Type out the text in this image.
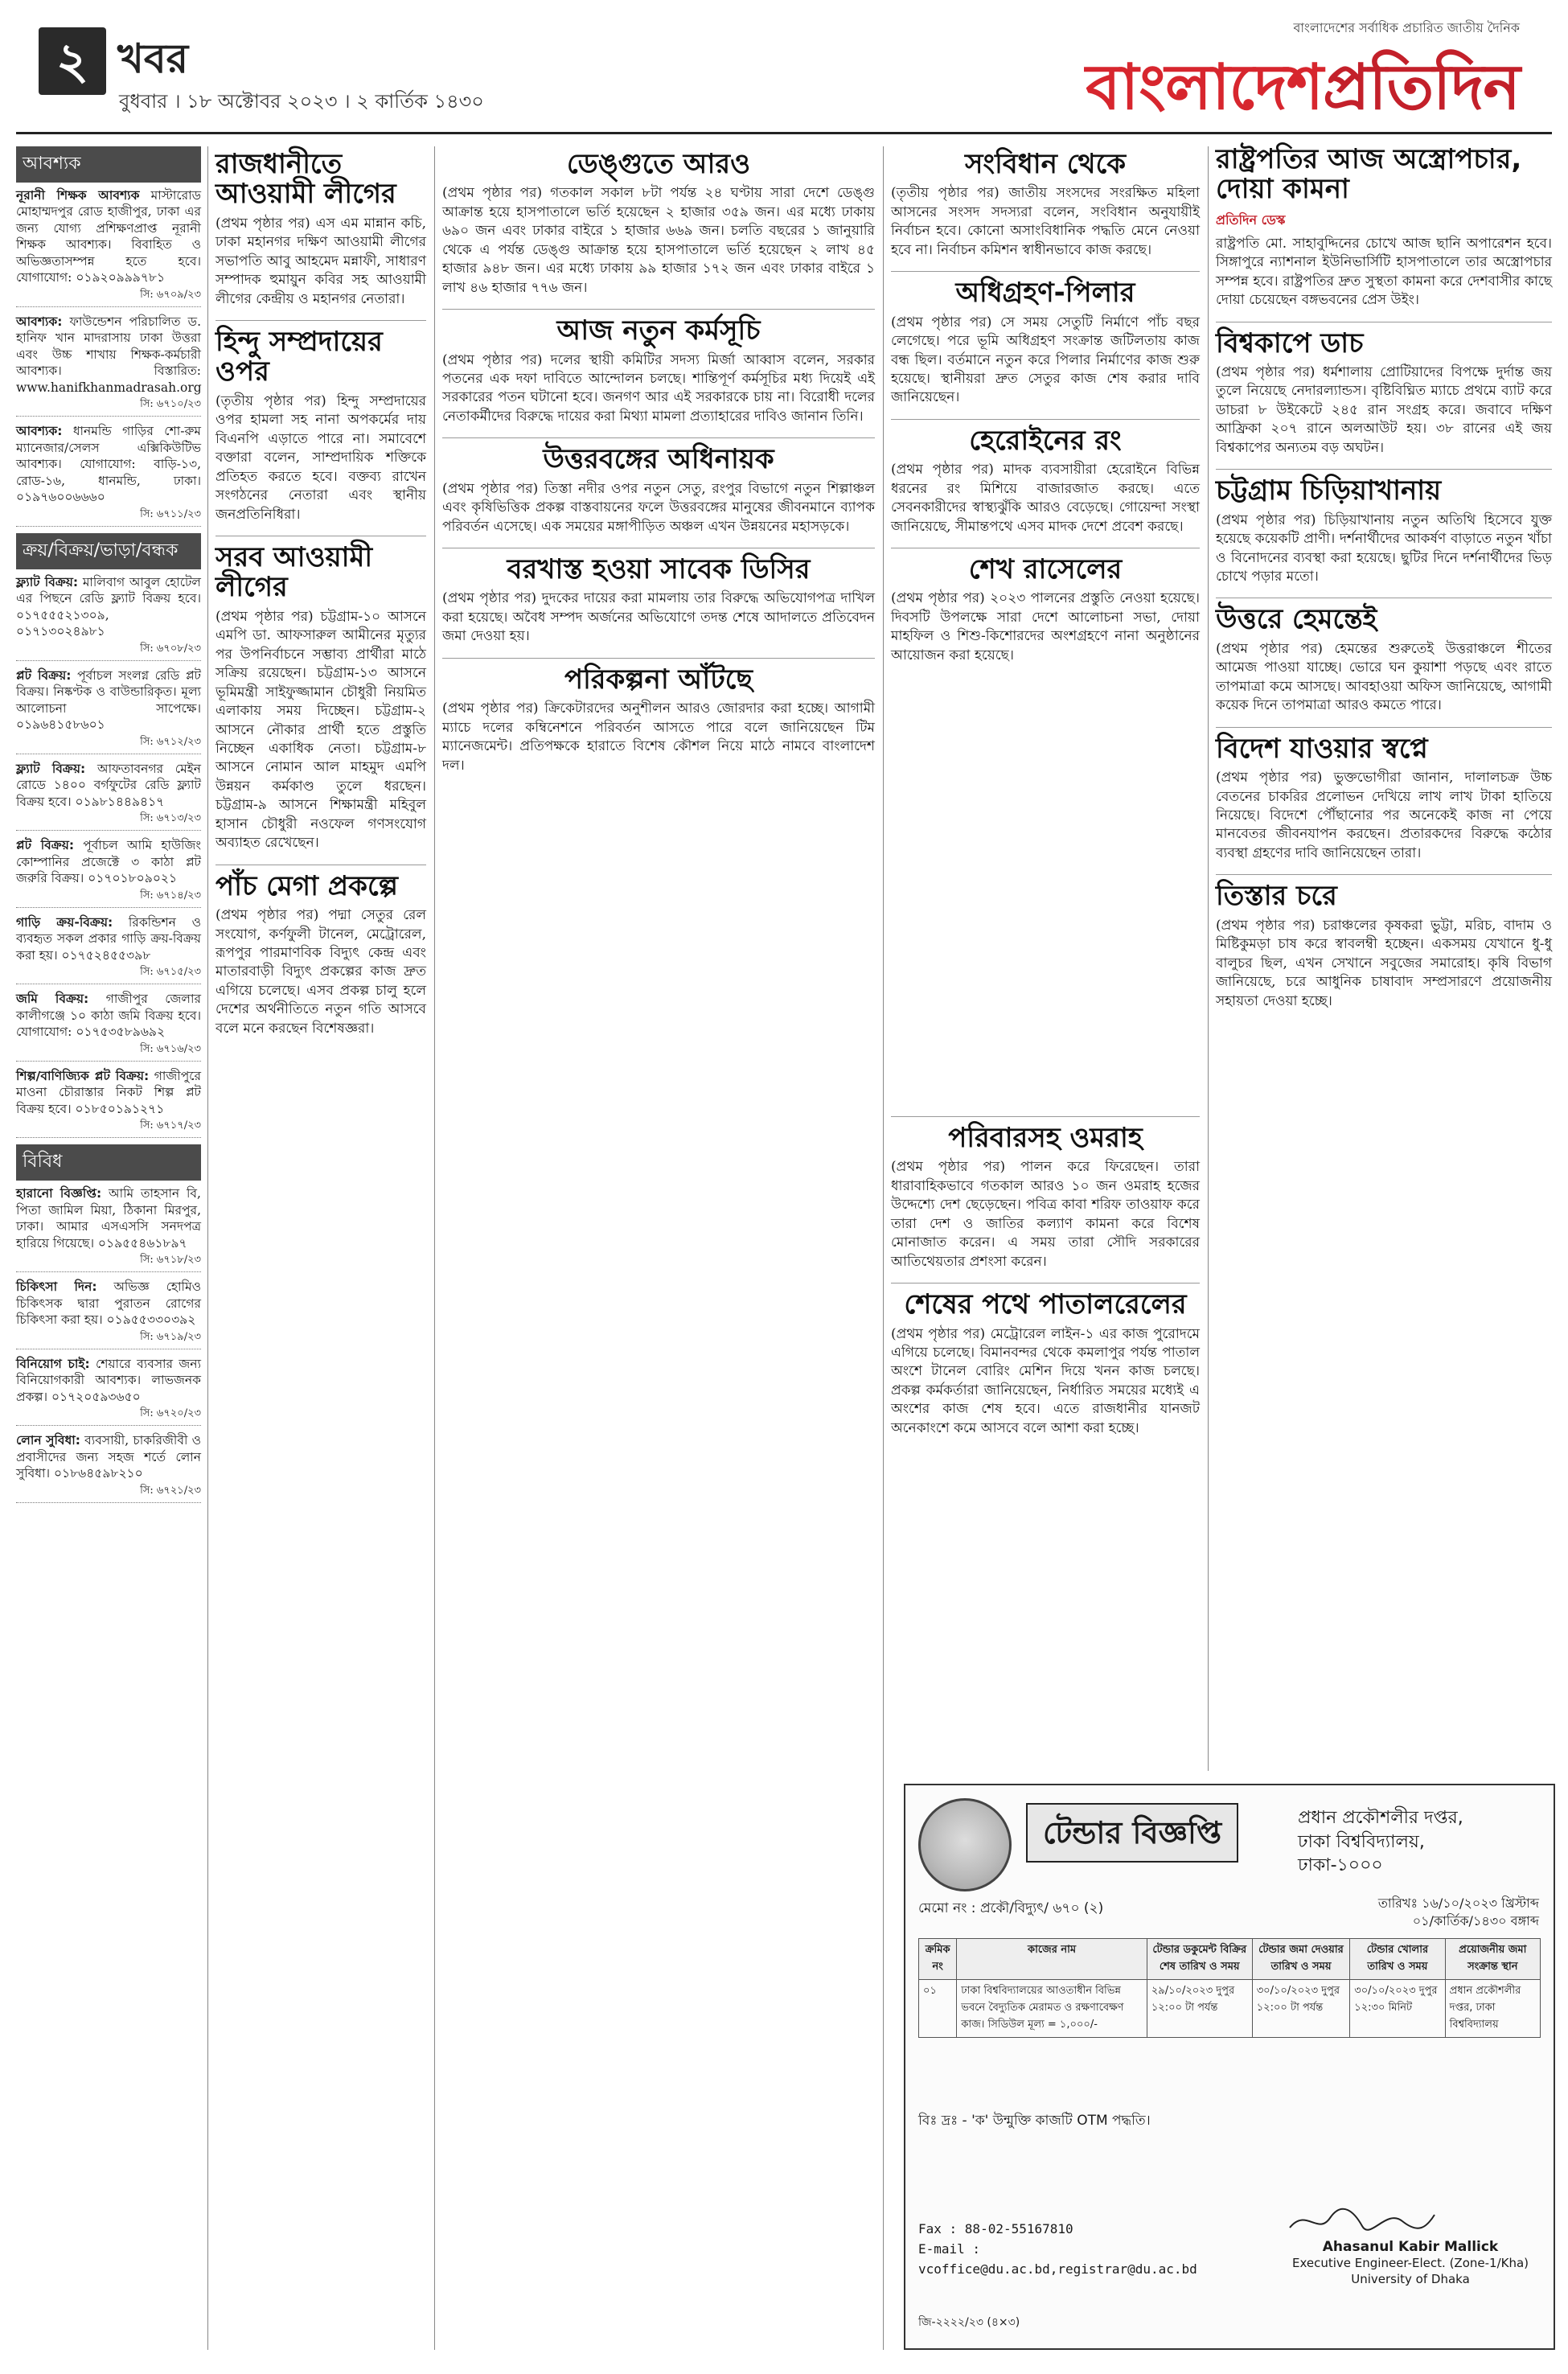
২ খবর
বুধবার । ১৮ অক্টোবর ২০২৩ । ২ কার্তিক ১৪৩০
বাংলাদেশের সর্বাধিক প্রচারিত জাতীয় দৈনিক
বাংলাদেশপ্রতিদিন
আবশ্যক
নূরানী শিক্ষক আবশ্যক মাস্টারোড মোহাম্মদপুর রোড হাজীপুর, ঢাকা এর জন্য যোগ্য প্রশিক্ষণপ্রাপ্ত নূরানী শিক্ষক আবশ্যক। বিবাহিত ও অভিজ্ঞতাসম্পন্ন হতে হবে। যোগাযোগ: ০১৯২০৯৯৯৭৮১
সি: ৬৭০৯/২৩
আবশ্যক: ফাউন্ডেশন পরিচালিত ড. হানিফ খান মাদরাসায় ঢাকা উত্তরা এবং উচ্চ শাখায় শিক্ষক-কর্মচারী আবশ্যক। বিস্তারিত: www.hanifkhanmadrasah.org
সি: ৬৭১০/২৩
আবশ্যক: ধানমন্ডি গাড়ির শো-রুম ম্যানেজার/সেলস এক্সিকিউটিভ আবশ্যক। যোগাযোগ: বাড়ি-১৩, রোড-১৬, ধানমন্ডি, ঢাকা। ০১৯৭৬০০৬৬৬০
সি: ৬৭১১/২৩
ক্রয়/বিক্রয়/ভাড়া/বন্ধক
ফ্ল্যাট বিক্রয়: মালিবাগ আবুল হোটেল এর পিছনে রেডি ফ্ল্যাট বিক্রয় হবে। ০১৭৫৫৫২১৩০৯, ০১৭১৩০২৪৯৮১
সি: ৬৭০৮/২৩
প্লট বিক্রয়: পূর্বাচল সংলগ্ন রেডি প্লট বিক্রয়। নিষ্কণ্টক ও বাউন্ডারিকৃত। মূল্য আলোচনা সাপেক্ষে। ০১৯৬৪১৫৮৬০১
সি: ৬৭১২/২৩
ফ্ল্যাট বিক্রয়: আফতাবনগর মেইন রোডে ১৪০০ বর্গফুটের রেডি ফ্ল্যাট বিক্রয় হবে। ০১৯৮১৪৪৯৪১৭
সি: ৬৭১৩/২৩
প্লট বিক্রয়: পূর্বাচল আমি হাউজিং কোম্পানির প্রজেক্টে ৩ কাঠা প্লট জরুরি বিক্রয়। ০১৭০১৮০৯০২১
সি: ৬৭১৪/২৩
গাড়ি ক্রয়-বিক্রয়: রিকন্ডিশন ও ব্যবহৃত সকল প্রকার গাড়ি ক্রয়-বিক্রয় করা হয়। ০১৭৫২৪৫৫৩৯৮
সি: ৬৭১৫/২৩
জমি বিক্রয়: গাজীপুর জেলার কালীগঞ্জে ১০ কাঠা জমি বিক্রয় হবে। যোগাযোগ: ০১৭৫৩৫৮৯৬৯২
সি: ৬৭১৬/২৩
শিল্প/বাণিজ্যিক প্লট বিক্রয়: গাজীপুরে মাওনা চৌরাস্তার নিকট শিল্প প্লট বিক্রয় হবে। ০১৮৫০১৯১২৭১
সি: ৬৭১৭/২৩
বিবিধ
হারানো বিজ্ঞপ্তি: আমি তাহসান বি, পিতা জামিল মিয়া, ঠিকানা মিরপুর, ঢাকা। আমার এসএসসি সনদপত্র হারিয়ে গিয়েছে। ০১৯৫৫৪৬১৮৯৭
সি: ৬৭১৮/২৩
চিকিৎসা দিন: অভিজ্ঞ হোমিও চিকিৎসক দ্বারা পুরাতন রোগের চিকিৎসা করা হয়। ০১৯৫৫৩৩০৩৯২
সি: ৬৭১৯/২৩
বিনিয়োগ চাই: শেয়ারে ব্যবসার জন্য বিনিয়োগকারী আবশ্যক। লাভজনক প্রকল্প। ০১৭২০৫৯৩৬৫০
সি: ৬৭২০/২৩
লোন সুবিধা: ব্যবসায়ী, চাকরিজীবী ও প্রবাসীদের জন্য সহজ শর্তে লোন সুবিধা। ০১৮৬৪৫৯৮২১০
সি: ৬৭২১/২৩
রাজধানীতে আওয়ামী লীগের

(প্রথম পৃষ্ঠার পর) এস এম মান্নান কচি, ঢাকা মহানগর দক্ষিণ আওয়ামী লীগের সভাপতি আবু আহমেদ মন্নাফী, সাধারণ সম্পাদক হুমায়ুন কবির সহ আওয়ামী লীগের কেন্দ্রীয় ও মহানগর নেতারা।

হিন্দু সম্প্রদায়ের ওপর

(তৃতীয় পৃষ্ঠার পর) হিন্দু সম্প্রদায়ের ওপর হামলা সহ নানা অপকর্মের দায় বিএনপি এড়াতে পারে না। সমাবেশে বক্তারা বলেন, সাম্প্রদায়িক শক্তিকে প্রতিহত করতে হবে। বক্তব্য রাখেন সংগঠনের নেতারা এবং স্থানীয় জনপ্রতিনিধিরা।

সরব আওয়ামী লীগের

(প্রথম পৃষ্ঠার পর) চট্টগ্রাম-১০ আসনে এমপি ডা. আফসারুল আমীনের মৃত্যুর পর উপনির্বাচনে সম্ভাব্য প্রার্থীরা মাঠে সক্রিয় রয়েছেন। চট্টগ্রাম-১৩ আসনে ভূমিমন্ত্রী সাইফুজ্জামান চৌধুরী নিয়মিত এলাকায় সময় দিচ্ছেন। চট্টগ্রাম-২ আসনে নৌকার প্রার্থী হতে প্রস্তুতি নিচ্ছেন একাধিক নেতা। চট্টগ্রাম-৮ আসনে নোমান আল মাহমুদ এমপি উন্নয়ন কর্মকাণ্ড তুলে ধরছেন। চট্টগ্রাম-৯ আসনে শিক্ষামন্ত্রী মহিবুল হাসান চৌধুরী নওফেল গণসংযোগ অব্যাহত রেখেছেন।

পাঁচ মেগা প্রকল্পে

(প্রথম পৃষ্ঠার পর) পদ্মা সেতুর রেল সংযোগ, কর্ণফুলী টানেল, মেট্রোরেল, রূপপুর পারমাণবিক বিদ্যুৎ কেন্দ্র এবং মাতারবাড়ী বিদ্যুৎ প্রকল্পের কাজ দ্রুত এগিয়ে চলেছে। এসব প্রকল্প চালু হলে দেশের অর্থনীতিতে নতুন গতি আসবে বলে মনে করছেন বিশেষজ্ঞরা।

ডেঙ্গুতে আরও

(প্রথম পৃষ্ঠার পর) গতকাল সকাল ৮টা পর্যন্ত ২৪ ঘণ্টায় সারা দেশে ডেঙ্গু আক্রান্ত হয়ে হাসপাতালে ভর্তি হয়েছেন ২ হাজার ৩৫৯ জন। এর মধ্যে ঢাকায় ৬৯০ জন এবং ঢাকার বাইরে ১ হাজার ৬৬৯ জন। চলতি বছরের ১ জানুয়ারি থেকে এ পর্যন্ত ডেঙ্গু আক্রান্ত হয়ে হাসপাতালে ভর্তি হয়েছেন ২ লাখ ৪৫ হাজার ৯৪৮ জন। এর মধ্যে ঢাকায় ৯৯ হাজার ১৭২ জন এবং ঢাকার বাইরে ১ লাখ ৪৬ হাজার ৭৭৬ জন।

আজ নতুন কর্মসূচি

(প্রথম পৃষ্ঠার পর) দলের স্থায়ী কমিটির সদস্য মির্জা আব্বাস বলেন, সরকার পতনের এক দফা দাবিতে আন্দোলন চলছে। শান্তিপূর্ণ কর্মসূচির মধ্য দিয়েই এই সরকারের পতন ঘটানো হবে। জনগণ আর এই সরকারকে চায় না। বিরোধী দলের নেতাকর্মীদের বিরুদ্ধে দায়ের করা মিথ্যা মামলা প্রত্যাহারের দাবিও জানান তিনি।

উত্তরবঙ্গের অধিনায়ক

(প্রথম পৃষ্ঠার পর) তিস্তা নদীর ওপর নতুন সেতু, রংপুর বিভাগে নতুন শিল্পাঞ্চল এবং কৃষিভিত্তিক প্রকল্প বাস্তবায়নের ফলে উত্তরবঙ্গের মানুষের জীবনমানে ব্যাপক পরিবর্তন এসেছে। এক সময়ের মঙ্গাপীড়িত অঞ্চল এখন উন্নয়নের মহাসড়কে।

বরখাস্ত হওয়া সাবেক ডিসির

(প্রথম পৃষ্ঠার পর) দুদকের দায়ের করা মামলায় তার বিরুদ্ধে অভিযোগপত্র দাখিল করা হয়েছে। অবৈধ সম্পদ অর্জনের অভিযোগে তদন্ত শেষে আদালতে প্রতিবেদন জমা দেওয়া হয়।

পরিকল্পনা আঁটছে

(প্রথম পৃষ্ঠার পর) ক্রিকেটারদের অনুশীলন আরও জোরদার করা হচ্ছে। আগামী ম্যাচে দলের কম্বিনেশনে পরিবর্তন আসতে পারে বলে জানিয়েছেন টিম ম্যানেজমেন্ট। প্রতিপক্ষকে হারাতে বিশেষ কৌশল নিয়ে মাঠে নামবে বাংলাদেশ দল।

সংবিধান থেকে

(তৃতীয় পৃষ্ঠার পর) জাতীয় সংসদের সংরক্ষিত মহিলা আসনের সংসদ সদস্যরা বলেন, সংবিধান অনুযায়ীই নির্বাচন হবে। কোনো অসাংবিধানিক পদ্ধতি মেনে নেওয়া হবে না। নির্বাচন কমিশন স্বাধীনভাবে কাজ করছে।

অধিগ্রহণ-পিলার

(প্রথম পৃষ্ঠার পর) সে সময় সেতুটি নির্মাণে পাঁচ বছর লেগেছে। পরে ভূমি অধিগ্রহণ সংক্রান্ত জটিলতায় কাজ বন্ধ ছিল। বর্তমানে নতুন করে পিলার নির্মাণের কাজ শুরু হয়েছে। স্থানীয়রা দ্রুত সেতুর কাজ শেষ করার দাবি জানিয়েছেন।

হেরোইনের রং

(প্রথম পৃষ্ঠার পর) মাদক ব্যবসায়ীরা হেরোইনে বিভিন্ন ধরনের রং মিশিয়ে বাজারজাত করছে। এতে সেবনকারীদের স্বাস্থ্যঝুঁকি আরও বেড়েছে। গোয়েন্দা সংস্থা জানিয়েছে, সীমান্তপথে এসব মাদক দেশে প্রবেশ করছে।

শেখ রাসেলের

(প্রথম পৃষ্ঠার পর) ২০২৩ পালনের প্রস্তুতি নেওয়া হয়েছে। দিবসটি উপলক্ষে সারা দেশে আলোচনা সভা, দোয়া মাহফিল ও শিশু-কিশোরদের অংশগ্রহণে নানা অনুষ্ঠানের আয়োজন করা হয়েছে।

পরিবারসহ ওমরাহ

(প্রথম পৃষ্ঠার পর) পালন করে ফিরেছেন। তারা ধারাবাহিকভাবে গতকাল আরও ১০ জন ওমরাহ হজের উদ্দেশ্যে দেশ ছেড়েছেন। পবিত্র কাবা শরিফ তাওয়াফ করে তারা দেশ ও জাতির কল্যাণ কামনা করে বিশেষ মোনাজাত করেন। এ সময় তারা সৌদি সরকারের আতিথেয়তার প্রশংসা করেন।

শেষের পথে পাতালরেলের

(প্রথম পৃষ্ঠার পর) মেট্রোরেল লাইন-১ এর কাজ পুরোদমে এগিয়ে চলেছে। বিমানবন্দর থেকে কমলাপুর পর্যন্ত পাতাল অংশে টানেল বোরিং মেশিন দিয়ে খনন কাজ চলছে। প্রকল্প কর্মকর্তারা জানিয়েছেন, নির্ধারিত সময়ের মধ্যেই এ অংশের কাজ শেষ হবে। এতে রাজধানীর যানজট অনেকাংশে কমে আসবে বলে আশা করা হচ্ছে।

রাষ্ট্রপতির আজ অস্ত্রোপচার, দোয়া কামনা
প্রতিদিন ডেস্ক

রাষ্ট্রপতি মো. সাহাবুদ্দিনের চোখে আজ ছানি অপারেশন হবে। সিঙ্গাপুরে ন্যাশনাল ইউনিভার্সিটি হাসপাতালে তার অস্ত্রোপচার সম্পন্ন হবে। রাষ্ট্রপতির দ্রুত সুস্থতা কামনা করে দেশবাসীর কাছে দোয়া চেয়েছেন বঙ্গভবনের প্রেস উইং।

বিশ্বকাপে ডাচ

(প্রথম পৃষ্ঠার পর) ধর্মশালায় প্রোটিয়াদের বিপক্ষে দুর্দান্ত জয় তুলে নিয়েছে নেদারল্যান্ডস। বৃষ্টিবিঘ্নিত ম্যাচে প্রথমে ব্যাট করে ডাচরা ৮ উইকেটে ২৪৫ রান সংগ্রহ করে। জবাবে দক্ষিণ আফ্রিকা ২০৭ রানে অলআউট হয়। ৩৮ রানের এই জয় বিশ্বকাপের অন্যতম বড় অঘটন।

চট্টগ্রাম চিড়িয়াখানায়

(প্রথম পৃষ্ঠার পর) চিড়িয়াখানায় নতুন অতিথি হিসেবে যুক্ত হয়েছে কয়েকটি প্রাণী। দর্শনার্থীদের আকর্ষণ বাড়াতে নতুন খাঁচা ও বিনোদনের ব্যবস্থা করা হয়েছে। ছুটির দিনে দর্শনার্থীদের ভিড় চোখে পড়ার মতো।

উত্তরে হেমন্তেই

(প্রথম পৃষ্ঠার পর) হেমন্তের শুরুতেই উত্তরাঞ্চলে শীতের আমেজ পাওয়া যাচ্ছে। ভোরে ঘন কুয়াশা পড়ছে এবং রাতে তাপমাত্রা কমে আসছে। আবহাওয়া অফিস জানিয়েছে, আগামী কয়েক দিনে তাপমাত্রা আরও কমতে পারে।

বিদেশ যাওয়ার স্বপ্নে

(প্রথম পৃষ্ঠার পর) ভুক্তভোগীরা জানান, দালালচক্র উচ্চ বেতনের চাকরির প্রলোভন দেখিয়ে লাখ লাখ টাকা হাতিয়ে নিয়েছে। বিদেশে পৌঁছানোর পর অনেকেই কাজ না পেয়ে মানবেতর জীবনযাপন করছেন। প্রতারকদের বিরুদ্ধে কঠোর ব্যবস্থা গ্রহণের দাবি জানিয়েছেন তারা।

তিস্তার চরে

(প্রথম পৃষ্ঠার পর) চরাঞ্চলের কৃষকরা ভুট্টা, মরিচ, বাদাম ও মিষ্টিকুমড়া চাষ করে স্বাবলম্বী হচ্ছেন। একসময় যেখানে ধু-ধু বালুচর ছিল, এখন সেখানে সবুজের সমারোহ। কৃষি বিভাগ জানিয়েছে, চরে আধুনিক চাষাবাদ সম্প্রসারণে প্রয়োজনীয় সহায়তা দেওয়া হচ্ছে।

টেন্ডার বিজ্ঞপ্তি	প্রধান প্রকৌশলীর দপ্তর,
ঢাকা বিশ্ববিদ্যালয়,
ঢাকা-১০০০
মেমো নং : প্রকৌ/বিদ্যুৎ/ ৬৭০ (২)	তারিখঃ ১৬/১০/২০২৩ খ্রিস্টাব্দ
০১/কার্তিক/১৪৩০ বঙ্গাব্দ
ক্রমিক নং	কাজের নাম	টেন্ডার ডকুমেন্ট বিক্রির শেষ তারিখ ও সময়	টেন্ডার জমা দেওয়ার তারিখ ও সময়	টেন্ডার খোলার তারিখ ও সময়	প্রয়োজনীয় জমা সংক্রান্ত স্থান
০১	ঢাকা বিশ্ববিদ্যালয়ের আওতাধীন বিভিন্ন ভবনে বৈদ্যুতিক মেরামত ও রক্ষণাবেক্ষণ কাজ। সিডিউল মূল্য = ১,০০০/-	২৯/১০/২০২৩ দুপুর ১২:০০ টা পর্যন্ত	৩০/১০/২০২৩ দুপুর ১২:০০ টা পর্যন্ত	৩০/১০/২০২৩ দুপুর ১২:৩০ মিনিট	প্রধান প্রকৌশলীর দপ্তর, ঢাকা বিশ্ববিদ্যালয়
বিঃ দ্রঃ - 'ক' উন্মুক্তি কাজটি OTM পদ্ধতি।
Fax : 88-02-55167810
E-mail :
vcoffice@du.ac.bd,registrar@du.ac.bd
Ahasanul Kabir Mallick
Executive Engineer-Elect. (Zone-1/Kha)
University of Dhaka
জি-২২২২/২৩ (৪×৩)
